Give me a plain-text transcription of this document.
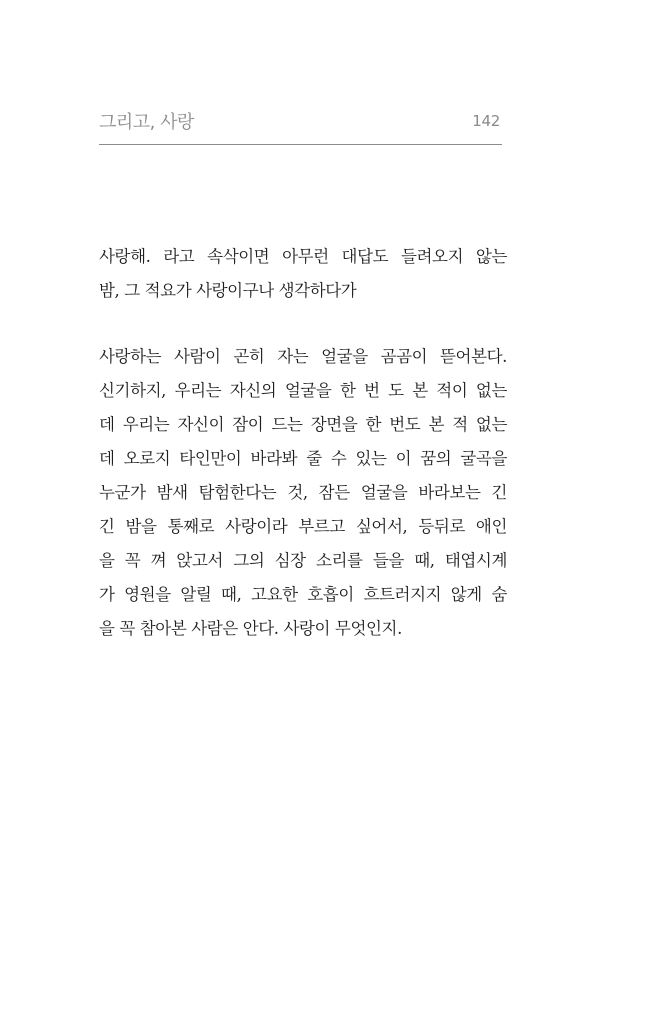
그리고, 사랑	142

사랑해. 라고 속삭이면 아무런 대답도 들려오지 않는
밤, 그 적요가 사랑이구나 생각하다가

사랑하는 사람이 곤히 자는 얼굴을 곰곰이 뜯어본다.
신기하지, 우리는 자신의 얼굴을 한 번 도 본 적이 없는
데 우리는 자신이 잠이 드는 장면을 한 번도 본 적 없는
데 오로지 타인만이 바라봐 줄 수 있는 이 꿈의 굴곡을
누군가 밤새 탐험한다는 것, 잠든 얼굴을 바라보는 긴
긴 밤을 통째로 사랑이라 부르고 싶어서, 등뒤로 애인
을 꼭 껴 앉고서 그의 심장 소리를 들을 때, 태엽시계
가 영원을 알릴 때, 고요한 호흡이 흐트러지지 않게 숨
을 꼭 참아본 사람은 안다. 사랑이 무엇인지.
